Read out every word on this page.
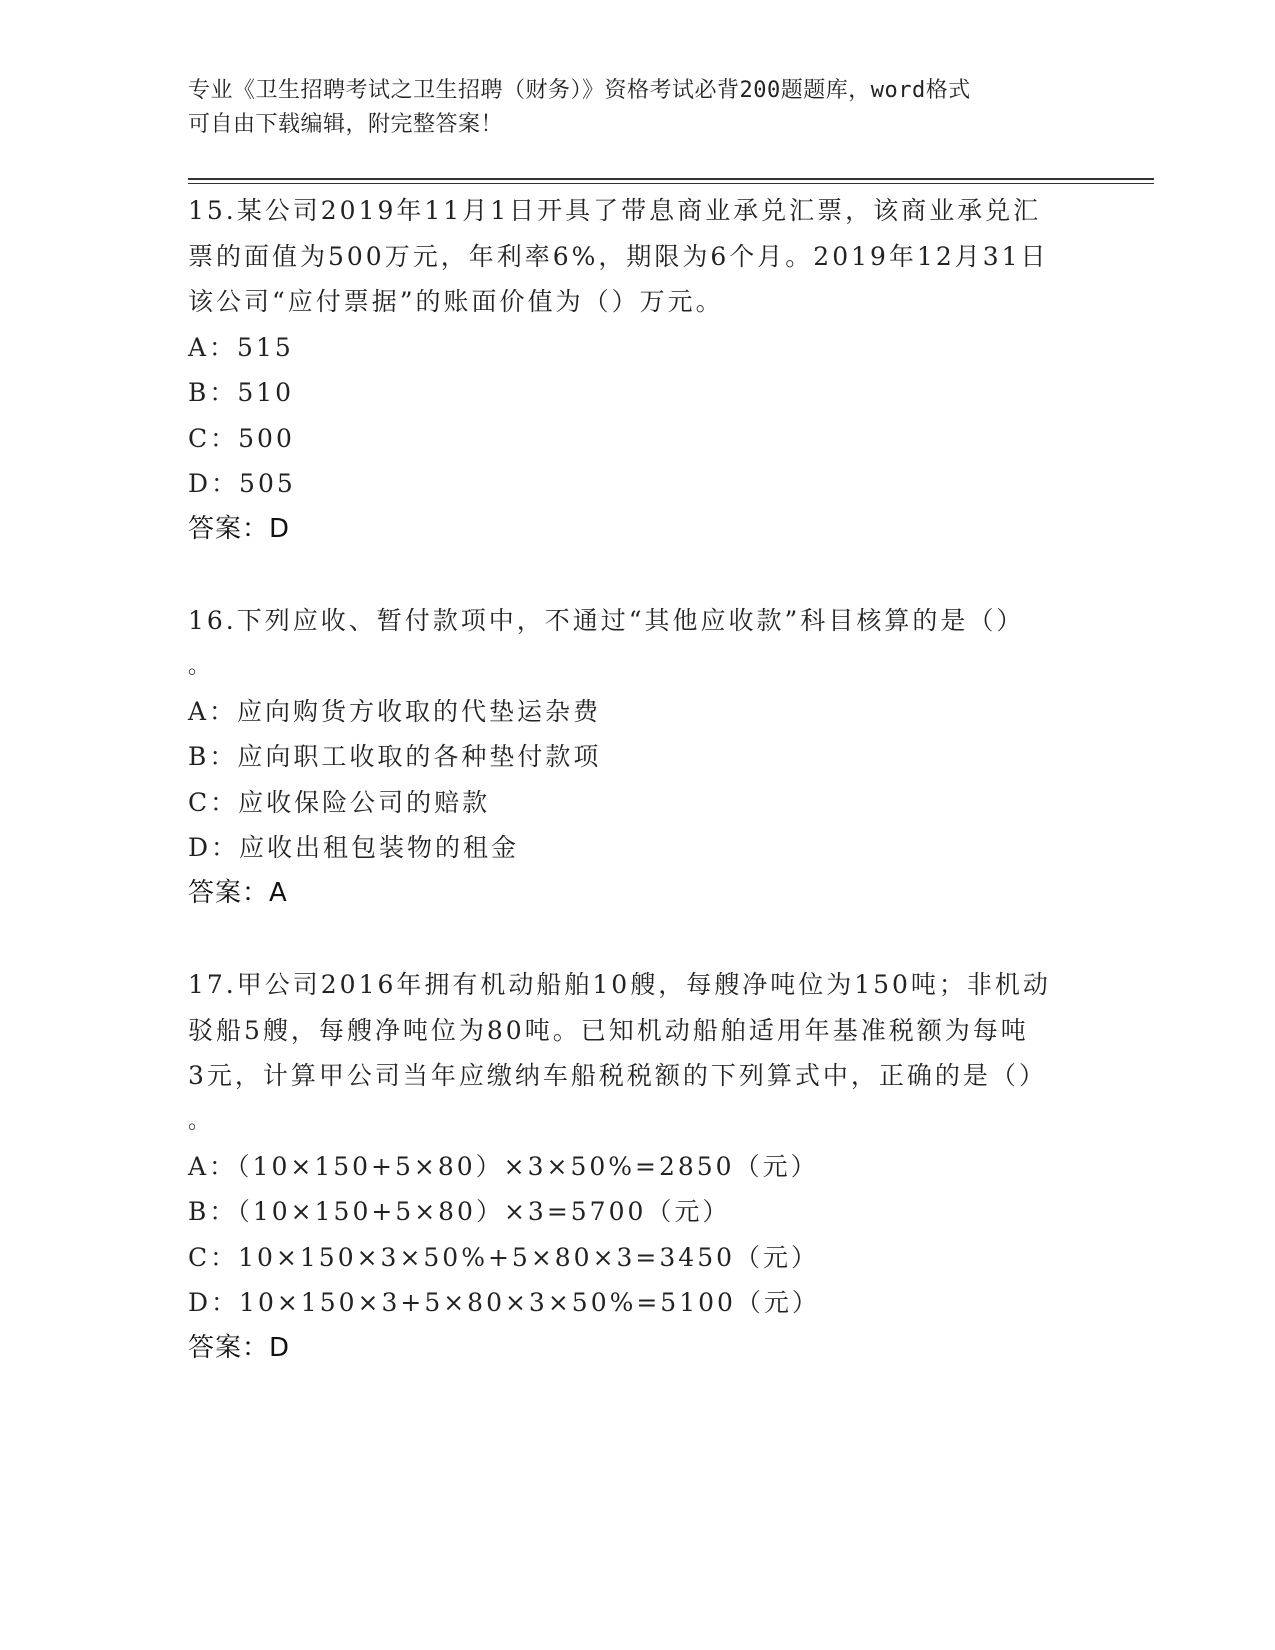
专业《卫生招聘考试之卫生招聘（财务）》资格考试必背200题题库，word格式
可自由下载编辑，附完整答案！
15.某公司2019年11月1日开具了带息商业承兑汇票，该商业承兑汇
票的面值为500万元，年利率6%，期限为6个月。2019年12月31日
该公司“应付票据”的账面价值为（）万元。
A：515
B：510
C：500
D：505
答案：D
16.下列应收、暂付款项中，不通过“其他应收款”科目核算的是（）
。
A：应向购货方收取的代垫运杂费
B：应向职工收取的各种垫付款项
C：应收保险公司的赔款
D：应收出租包装物的租金
答案：A
17.甲公司2016年拥有机动船舶10艘，每艘净吨位为150吨；非机动
驳船5艘，每艘净吨位为80吨。已知机动船舶适用年基准税额为每吨
3元，计算甲公司当年应缴纳车船税税额的下列算式中，正确的是（）
。
A：（10×150+5×80）×3×50%=2850（元）
B：（10×150+5×80）×3=5700（元）
C：10×150×3×50%+5×80×3=3450（元）
D：10×150×3+5×80×3×50%=5100（元）
答案：D
